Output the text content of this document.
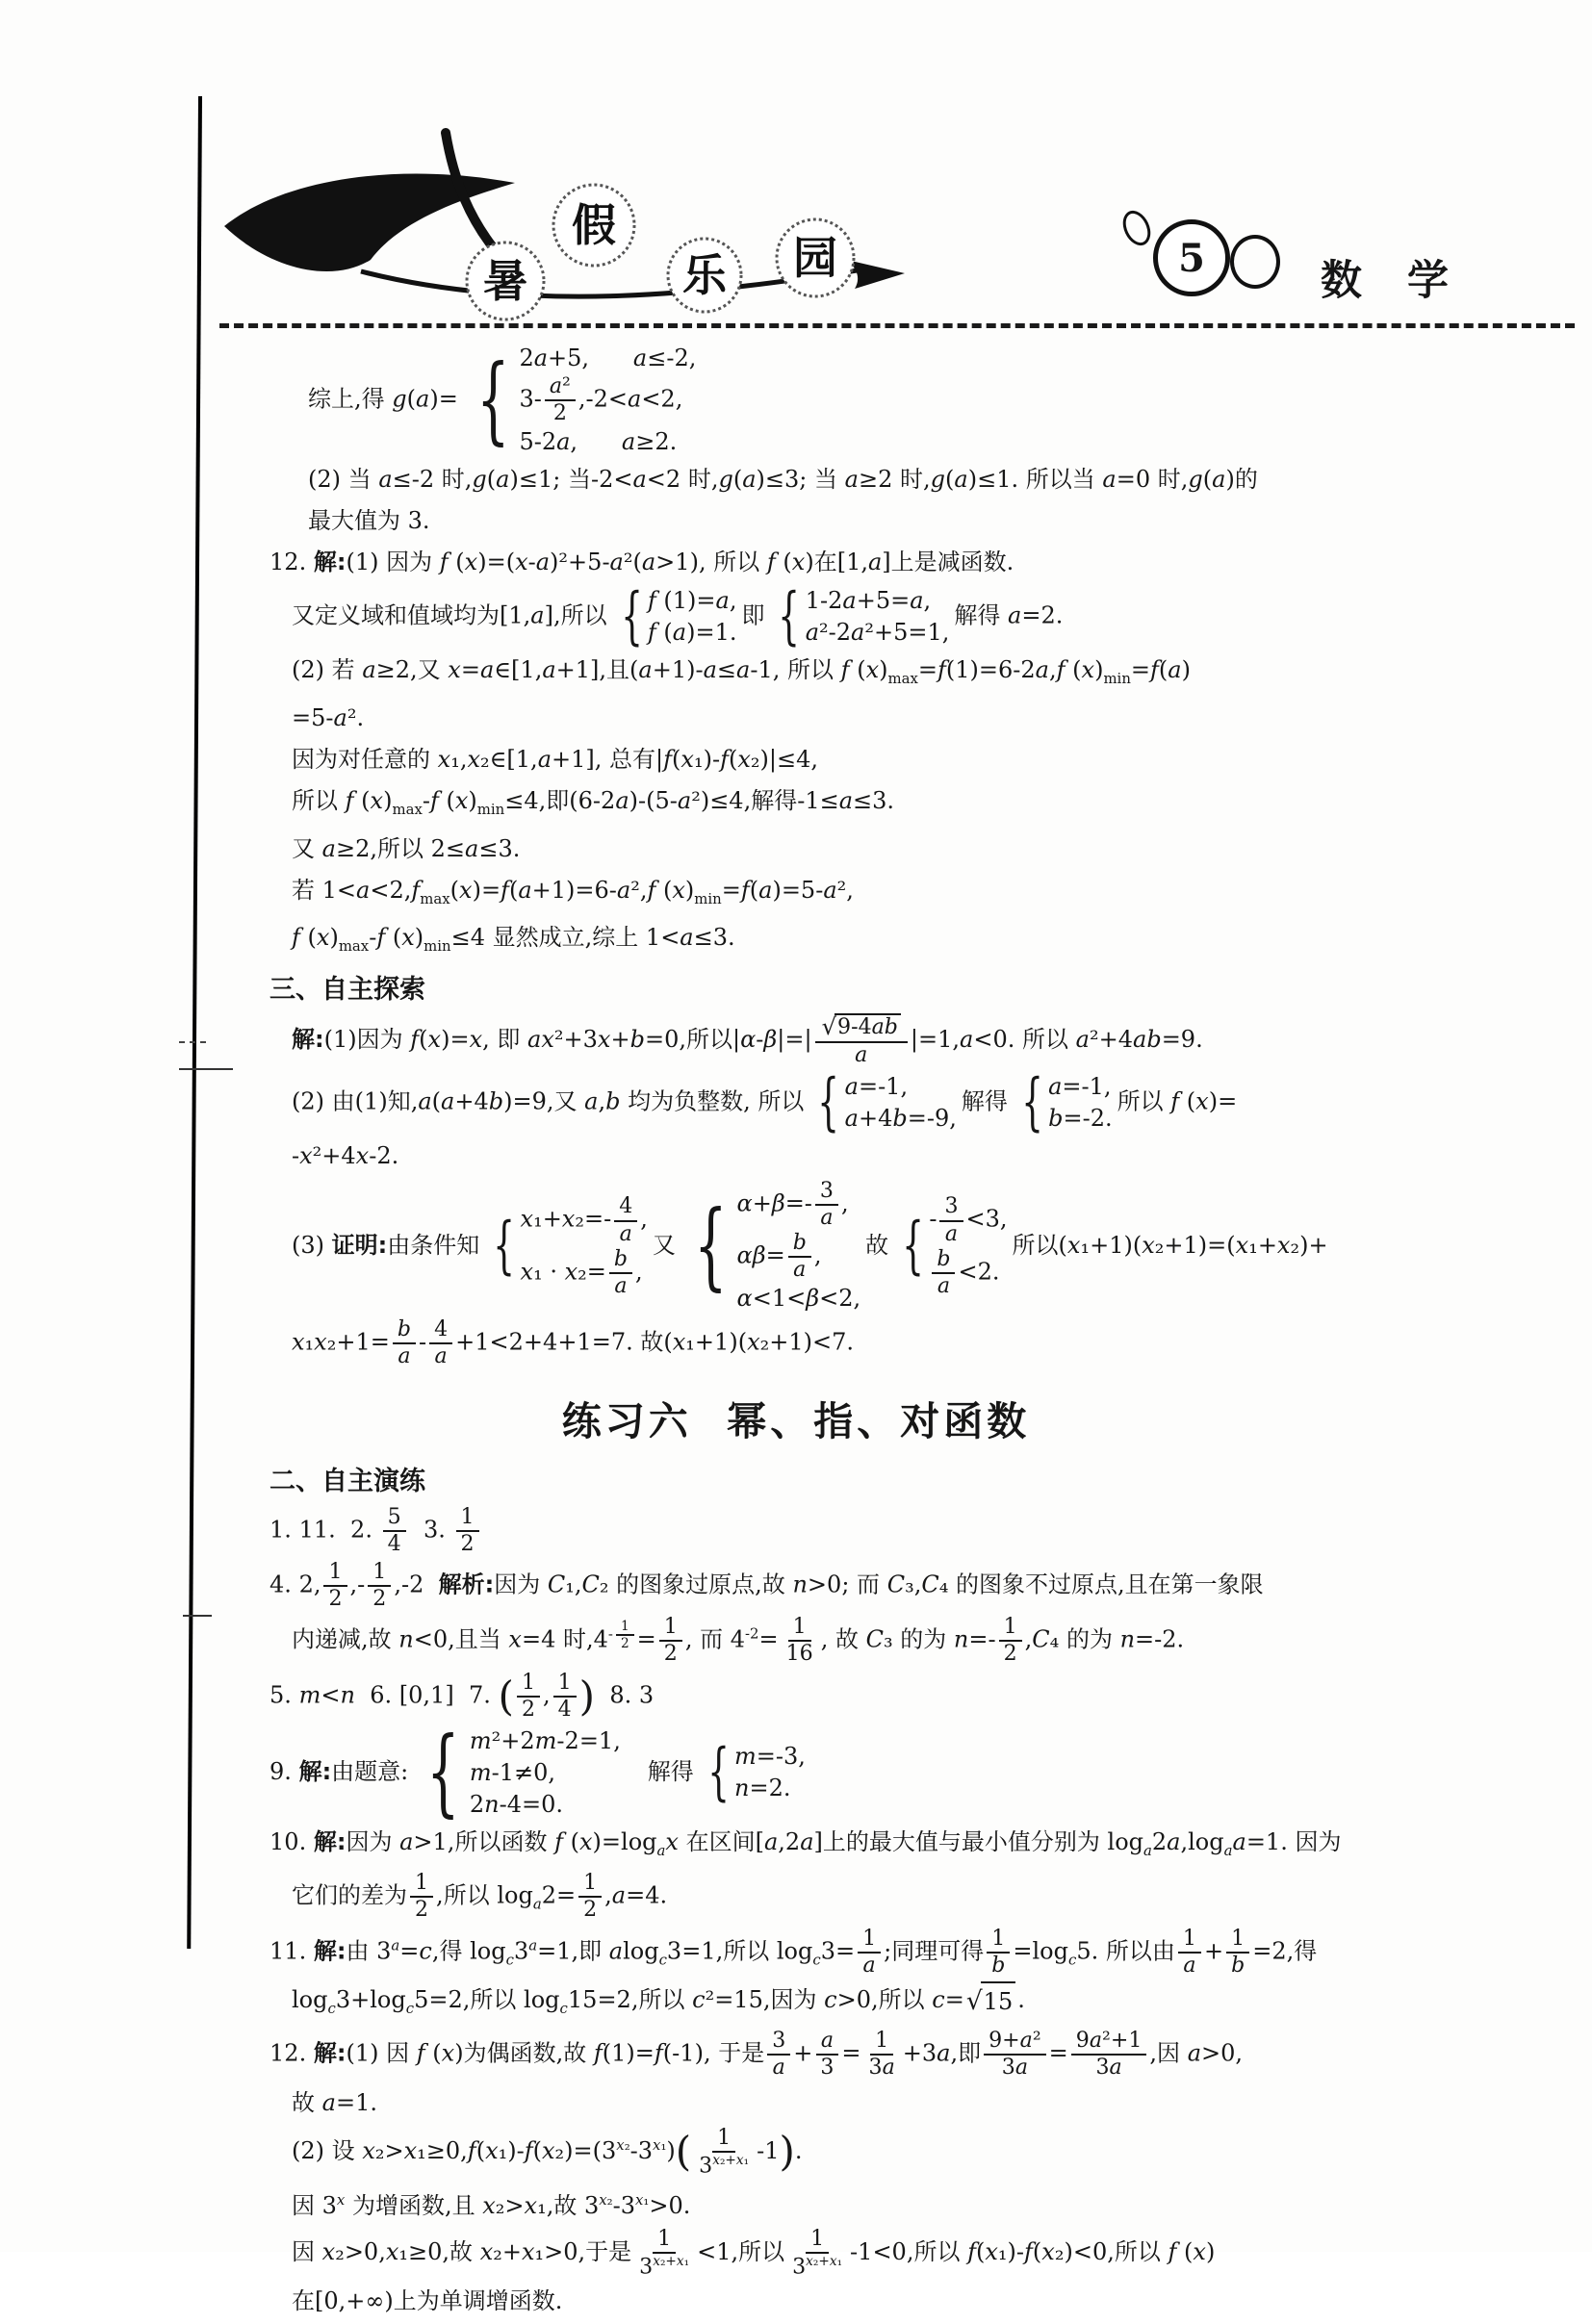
暑
假
乐 园	5	数 学
综上,得 g(a)= { 2a+5, a≤-2,
$3- \frac{\text{a²}}{2} ,-2<a<2$,
5-2a, a≥2.
(2) 当 a≤-2 时,g(a)≤1; 当-2<a<2 时,g(a)≤3; 当 a≥2 时,g(a)≤1. 所以当 a=0 时,g(a)的
最大值为 3.
12. 解:(1) 因为 f (x)=(x-a)²+5-a²(a>1), 所以 f (x)在[1,a]上是减函数.
又定义域和值域均为[1,a],所以 { f (1)=a,
f (a)=1.
即 { 1-2a+5=a,
a²-2a²+5=1,
解得 a=2.
(2) 若 a≥2,又 x=a∈[1,a+1],且(a+1)-a≤a-1, 所以 f $(x)_{max}=f(1)=6-2a,f$ $(x)_{min}=f(a)$
=5-a².
因为对任意的 x₁,x₂∈[1,a+1], 总有|f(x₁)-f(x₂)|≤4,
所以 f $(x)_{max}-f$ $(x)_{min}\le 4$,即(6-2a)-(5-a²)≤4,解得-1≤a≤3.
又 a≥2,所以 2≤a≤3.
若 $1<a<2,f_{max}(x)=f(a+1)=6-a^2,f$ $(x)_{min}=f(a)=5-a^2$,
f $(x)_{max}-f$ $(x)_{min}\le 4$ 显然成立,综上 1<a≤3.
三、自主探索
解:(1)因为 f(x)=x, 即 ax²+3x+b=0,所以$|\alpha-\beta|=| \frac{√ 9-4ab}{a} |=1,a<0$. 所以 a²+4ab=9.
(2) 由(1)知,a(a+4b)=9,又 a,b 均为负整数, 所以 { a=-1,
a+4b=-9,
解得 { a=-1,
b=-2.
所以 f (x)=
-x²+4x-2.
(3) 证明:由条件知 { $x_1+x_2=- \frac{4}{a}$ ,
$x_1 \cdot x_2= \frac{b}{a}$ ,
又 { $\alpha+\beta=- \frac{3}{a}$ ,
$\alpha\beta= \frac{b}{a}$ ,
α<1<β<2,
故 { - $\frac{3}{a} <3$,
$\frac{b}{a} <2$.
所以(x₁+1)(x₂+1)=(x₁+x₂)+
$x_1x_2+1= \frac{b}{a} - \frac{4}{a} +1<2+4+1=7$. 故(x₁+1)(x₂+1)<7.
练习六 幂、指、对函数
二、自主演练
1. 11. 2. $\frac{5}{4} 3$. $\frac{1}{2}$
4. 2, $\frac{1}{2}$ ,- $\frac{1}{2} ,-2$ 解析:因为 C₁,C₂ 的图象过原点,故 n>0; 而 C₃,C₄ 的图象不过原点,且在第一象限
内递减,故 n<0,且当 x=4 时$,4^{- \frac{1}{2}} = \frac{1}{2}$ , 而 $4^{-2}= \frac{1}{16}$ , 故 C₃ 的为 $n=- \frac{1}{2} ,C_4$ 的为 n=-2.
5. m<n 6. [0,1] 7. ( $\frac{1}{2}$ , $\frac{1}{4}$ ) 8. 3
9. 解:由题意: { m²+2m-2=1,
m-1≠0,
2n-4=0.
解得 { m=-3,
n=2.
10. 解:因为 a>1,所以函数 f $(x)=\log_ax$ 在区间[a,2a]上的最大值与最小值分别为 $\log_a2a,\log_aa=1$. 因为
它们的差为 $\frac{1}{2}$ ,所以 $\log_a2= \frac{1}{2} ,a=4$.
11. 解:由 $3^a=c$,得 $\log_c3^a=1$,即 alog$_c$3=1,所以 $\log_c3= \frac{1}{a}$ ;同理可得 $\frac{1}{b} =\log_c5$. 所以由 $\frac{1}{a} + \frac{1}{b} =2$,得
$\log_c3+\log_c5=2$,所以 $\log_c15=2$,所以 c²=15,因为 c>0,所以 c= √ 15 .
12. 解:(1) 因 f (x)为偶函数,故 f(1)=f(-1), 于是 $\frac{3}{a} + \frac{a}{3} = \frac{1}{3a} +3a$,即 $\frac{\text{9+a²}}{3a} = \frac{\text{9a²+1}}{3a}$ ,因 a>0,
故 a=1.
(2) 设 $x_2>x_1\ge 0,f(x_1)-f(x_2)=(3^{x_2}-3^{x_1})( \frac{1}{3^{x_2+x_1}} -1)$.
因 3$^x$ 为增函数,且 x₂>x₁,故 $3^{x_2}-3^{x_1}>0$.
因 x₂>0,x₁≥0,故 x₂+x₁>0,于是 $\frac{1}{3^{x_2+x_1}} <1$,所以 $\frac{1}{3^{x_2+x_1}} -1<0$,所以 f(x₁)-f(x₂)<0,所以 f (x)
在[0,+∞)上为单调增函数.
